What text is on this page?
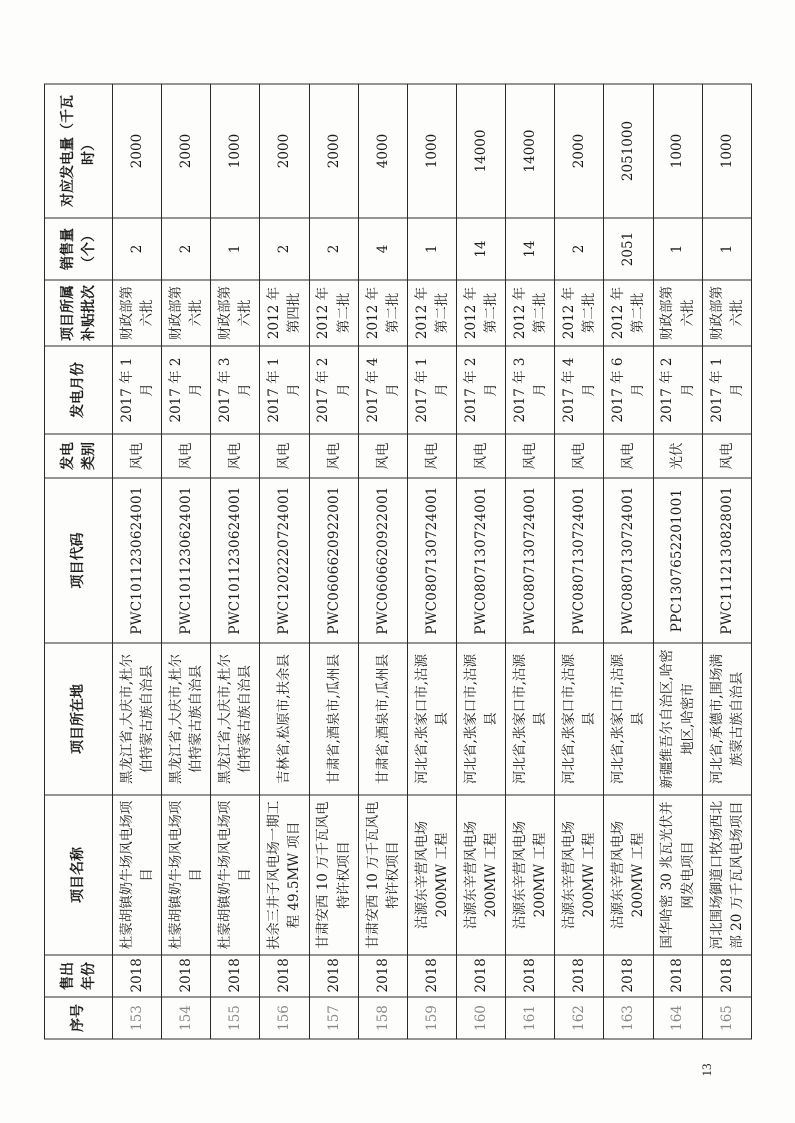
序号	售出年份	项目名称	项目所在地	项目代码	发电类别	发电月份	项目所属补贴批次	销售量（个）	对应发电量（千瓦时）
153	2018	杜蒙胡镇奶牛场风电场项目	黑龙江省,大庆市,杜尔伯特蒙古族自治县	PWC1011230624001	风电	2017 年 1 月	财政部第六批	2	2000
154	2018	杜蒙胡镇奶牛场风电场项目	黑龙江省,大庆市,杜尔伯特蒙古族自治县	PWC1011230624001	风电	2017 年 2 月	财政部第六批	2	2000
155	2018	杜蒙胡镇奶牛场风电场项目	黑龙江省,大庆市,杜尔伯特蒙古族自治县	PWC1011230624001	风电	2017 年 3 月	财政部第六批	1	1000
156	2018	扶余三井子风电场一期工程 49.5MW 项目	吉林省,松原市,扶余县	PWC1202220724001	风电	2017 年 1 月	2012 年第四批	2	2000
157	2018	甘肃安西 10 万千瓦风电特许权项目	甘肃省,酒泉市,瓜州县	PWC0606620922001	风电	2017 年 2 月	2012 年第二批	2	2000
158	2018	甘肃安西 10 万千瓦风电特许权项目	甘肃省,酒泉市,瓜州县	PWC0606620922001	风电	2017 年 4 月	2012 年第二批	4	4000
159	2018	沽源东辛营风电场 200MW 工程	河北省,张家口市,沽源县	PWC0807130724001	风电	2017 年 1 月	2012 年第二批	1	1000
160	2018	沽源东辛营风电场 200MW 工程	河北省,张家口市,沽源县	PWC0807130724001	风电	2017 年 2 月	2012 年第二批	14	14000
161	2018	沽源东辛营风电场 200MW 工程	河北省,张家口市,沽源县	PWC0807130724001	风电	2017 年 3 月	2012 年第二批	14	14000
162	2018	沽源东辛营风电场 200MW 工程	河北省,张家口市,沽源县	PWC0807130724001	风电	2017 年 4 月	2012 年第二批	2	2000
163	2018	沽源东辛营风电场 200MW 工程	河北省,张家口市,沽源县	PWC0807130724001	风电	2017 年 6 月	2012 年第二批	2051	2051000
164	2018	国华哈密 30 兆瓦光伏并网发电项目	新疆维吾尔自治区,哈密地区,哈密市	PPC1307652201001	光伏	2017 年 2 月	财政部第六批	1	1000
165	2018	河北围场御道口牧场西北部 20 万千瓦风电场项目	河北省,承德市,围场满族蒙古族自治县	PWC1112130828001	风电	2017 年 1 月	财政部第六批	1	1000
13
